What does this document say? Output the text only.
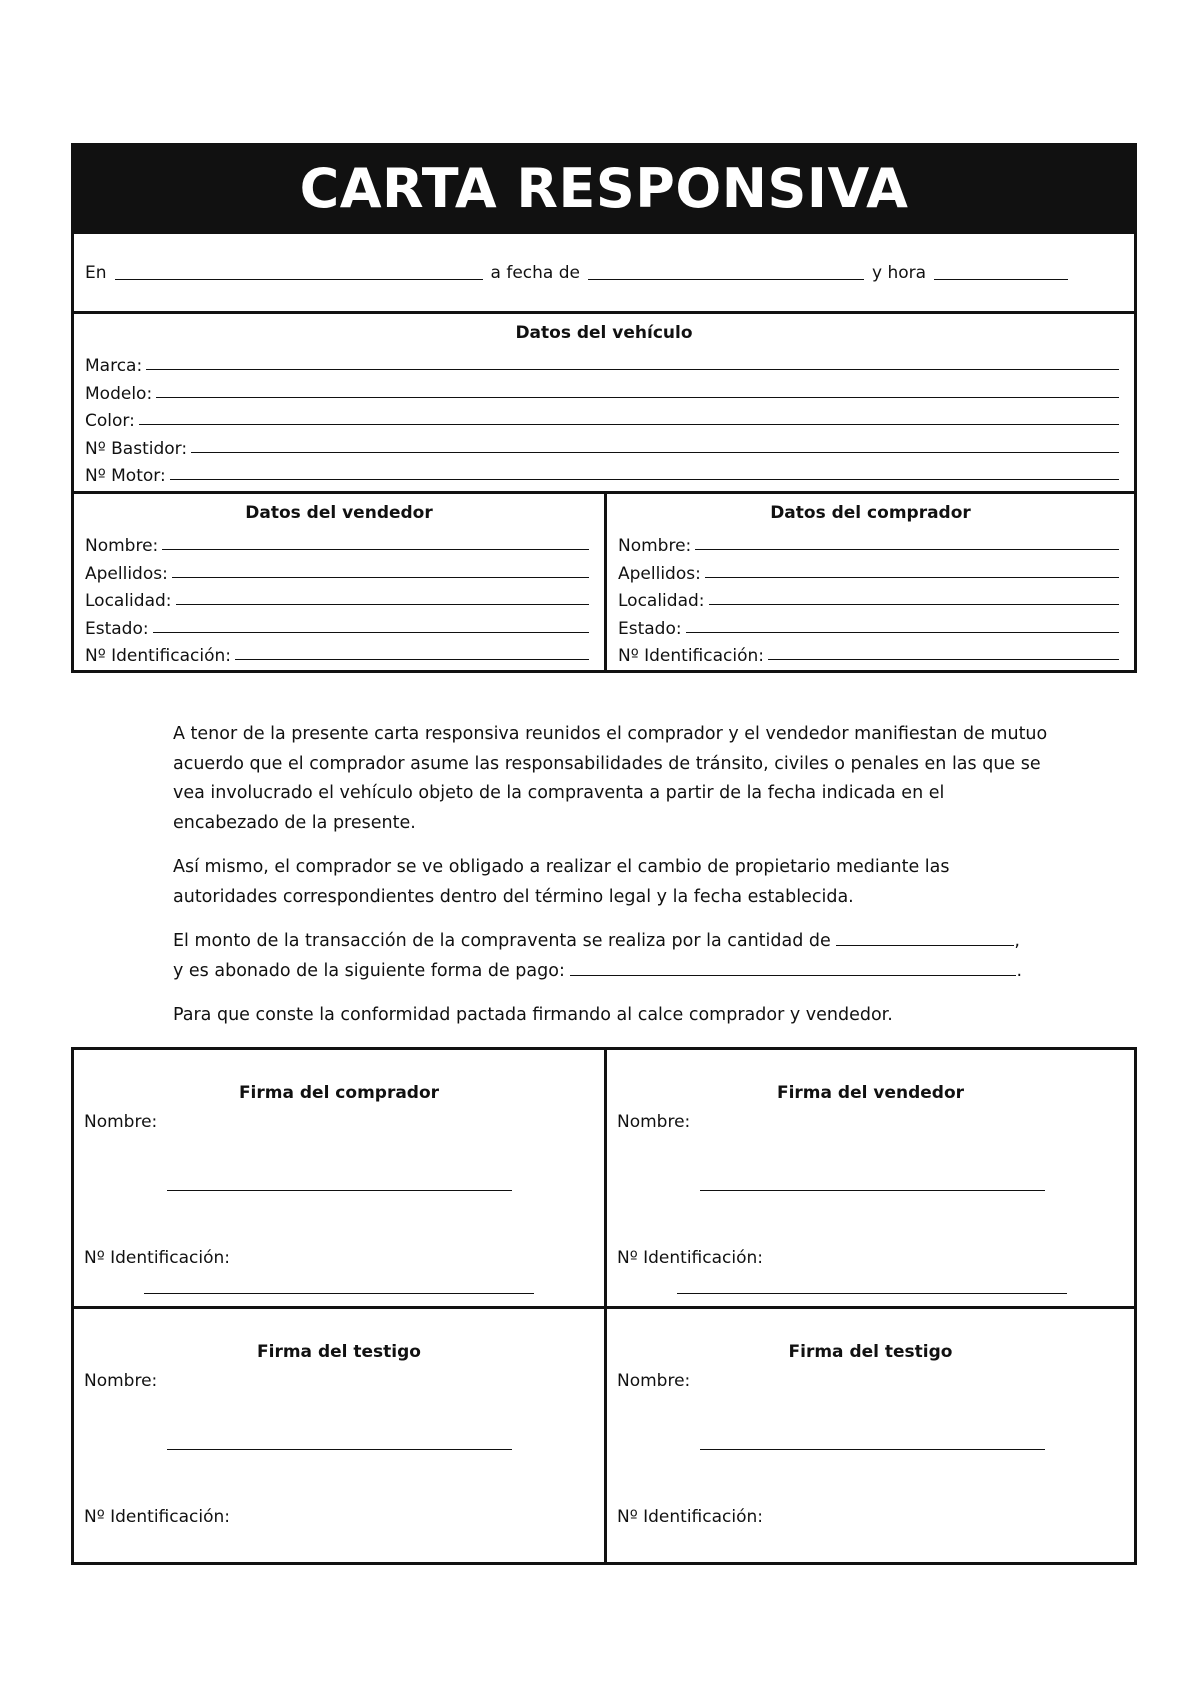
CARTA RESPONSIVA
En	a fecha de	y hora
Datos del vehículo
Marca:
Modelo:
Color:
Nº Bastidor:
Nº Motor:
Datos del vendedor
Nombre:
Apellidos:
Localidad:
Estado:
Nº Identificación:
Datos del comprador
Nombre:
Apellidos:
Localidad:
Estado:
Nº Identificación:

A tenor de la presente carta responsiva reunidos el comprador y el vendedor manifiestan de mutuo acuerdo que el comprador asume las responsabilidades de tránsito, civiles o penales en las que se vea involucrado el vehículo objeto de la compraventa a partir de la fecha indicada en el encabezado de la presente.

Así mismo, el comprador se ve obligado a realizar el cambio de propietario mediante las autoridades correspondientes dentro del término legal y la fecha establecida.

El monto de la transacción de la compraventa se realiza por la cantidad de	,
y es abonado de la siguiente forma de pago:	.

Para que conste la conformidad pactada firmando al calce comprador y vendedor.

Firma del comprador
Nombre:
Nº Identificación:
Firma del vendedor
Nombre:
Nº Identificación:
Firma del testigo
Nombre:
Nº Identificación:
Firma del testigo
Nombre:
Nº Identificación:
